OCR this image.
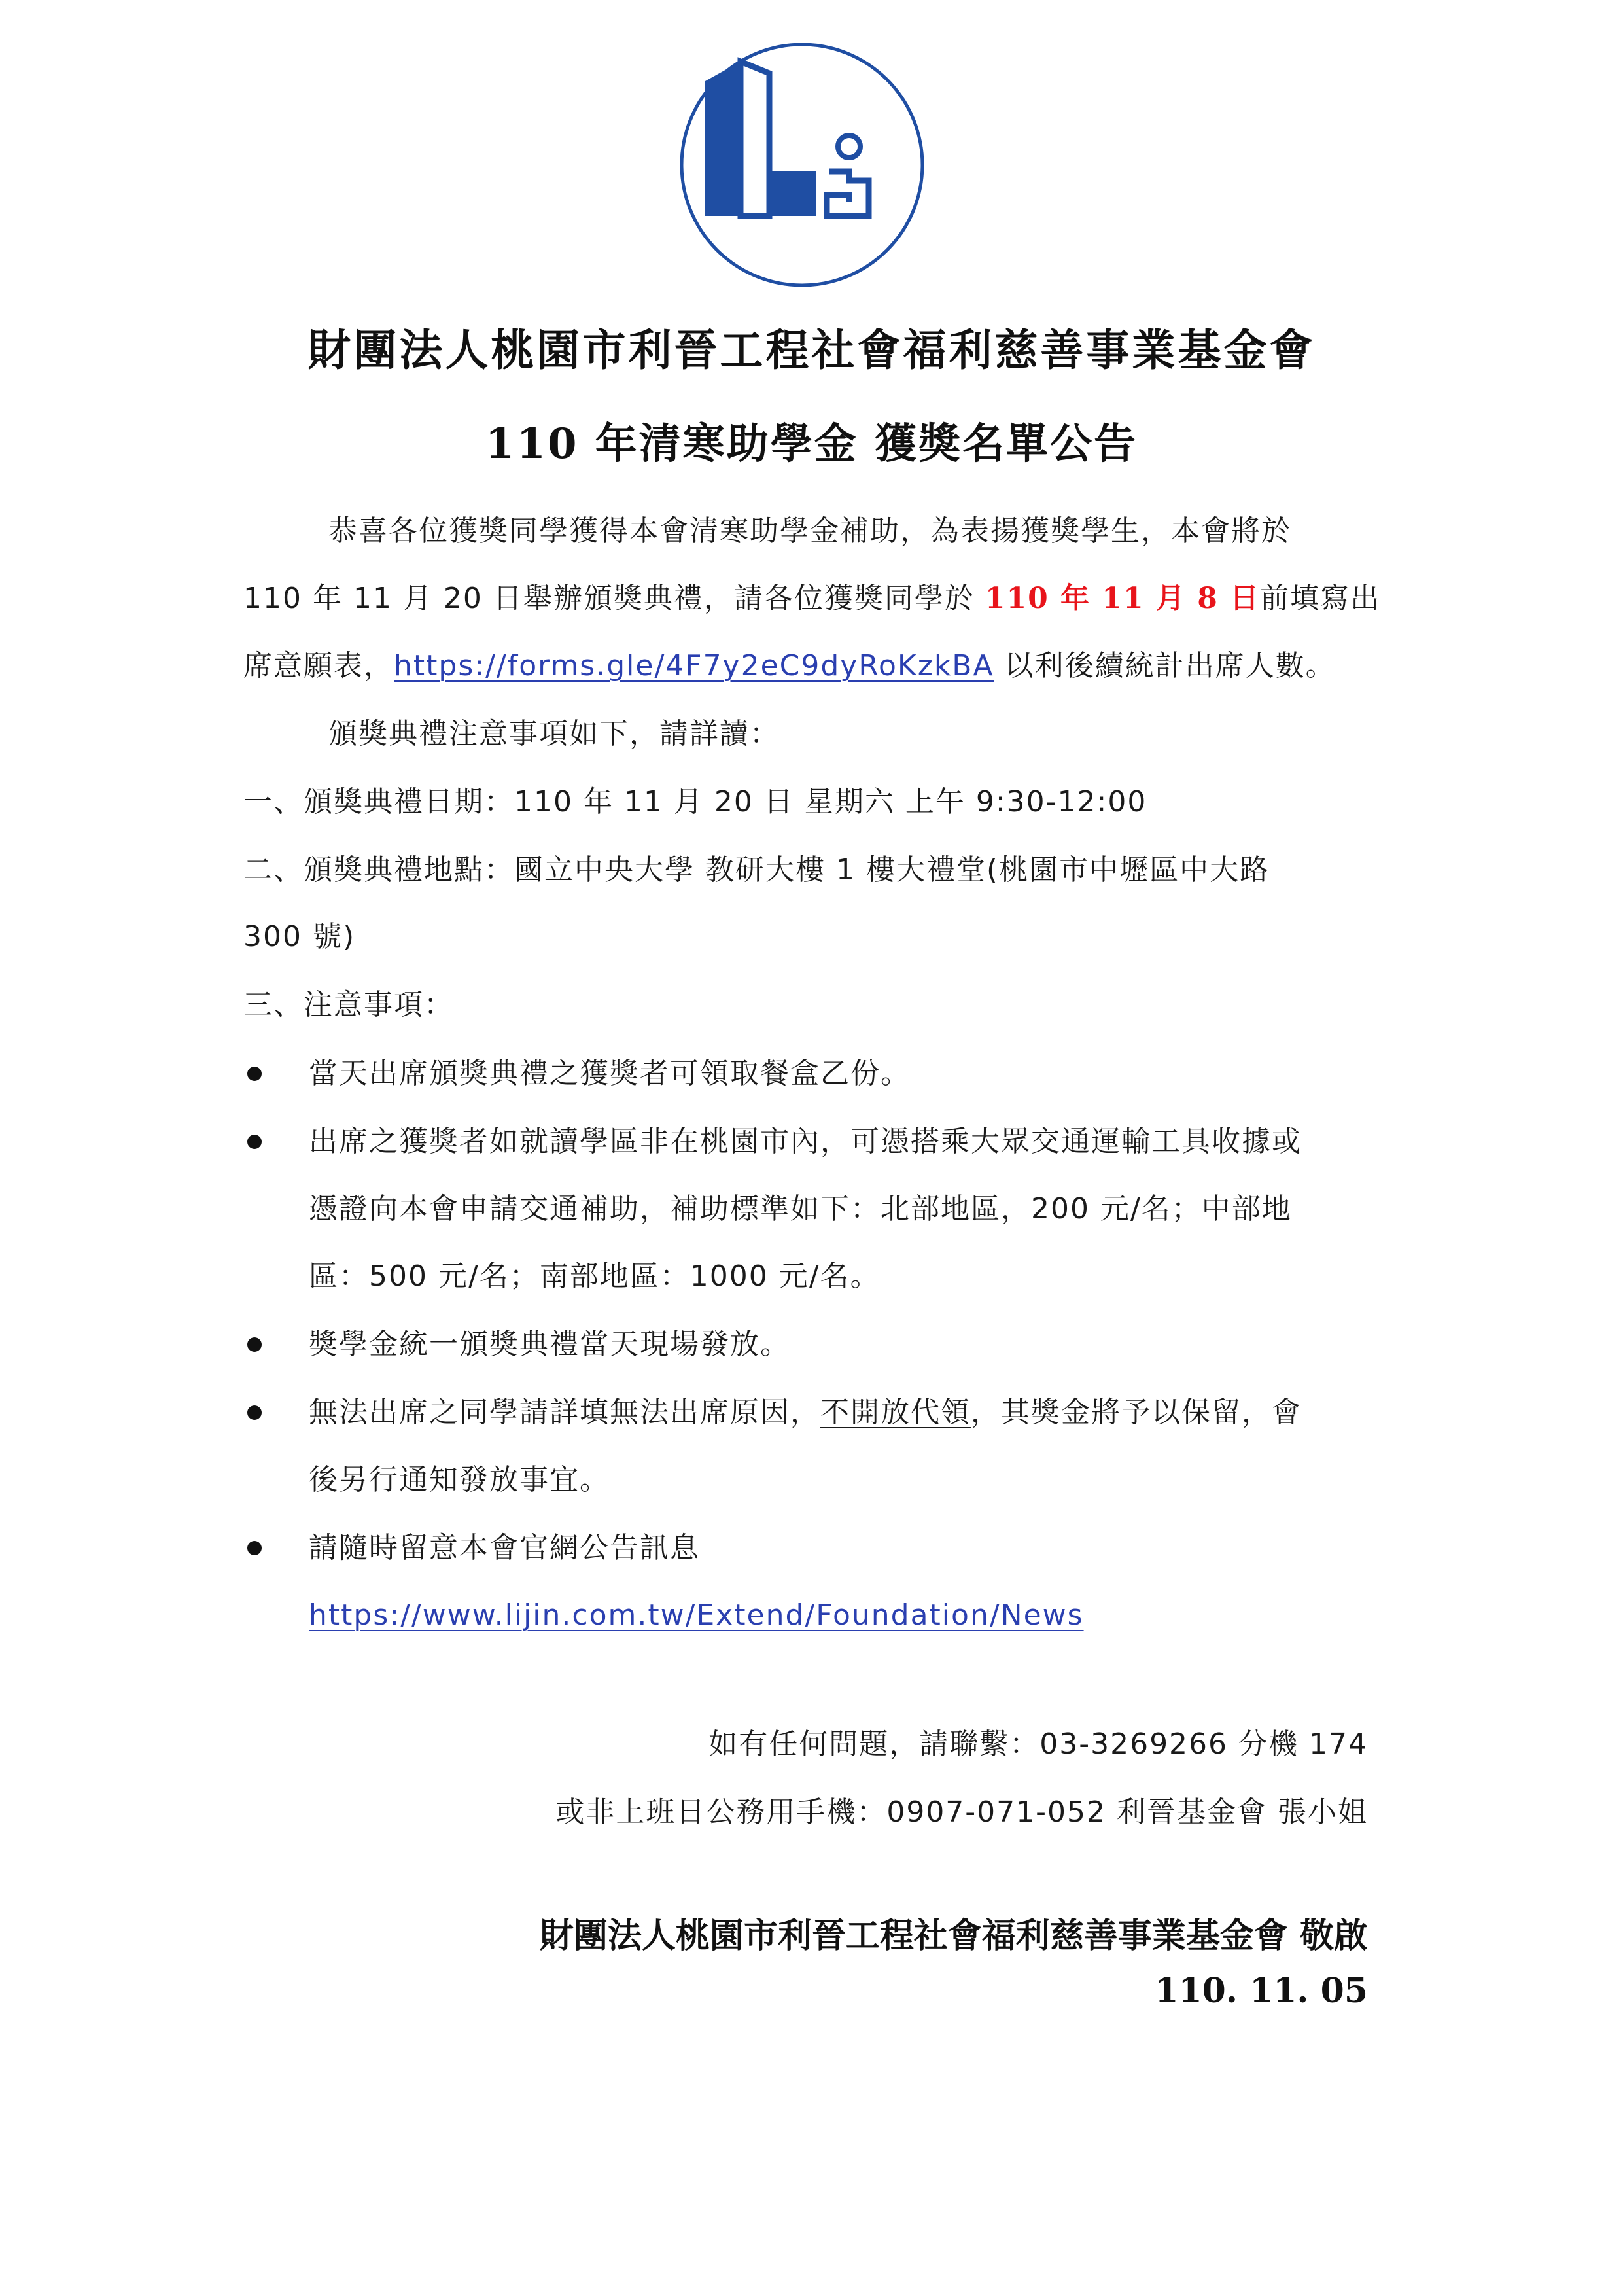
財團法人桃園市利晉工程社會福利慈善事業基金會
110 年清寒助學金 獲獎名單公告
恭喜各位獲獎同學獲得本會清寒助學金補助，為表揚獲獎學生，本會將於
110 年 11 月 20 日舉辦頒獎典禮，請各位獲獎同學於 110 年 11 月 8 日前填寫出
席意願表，https://forms.gle/4F7y2eC9dyRoKzkBA 以利後續統計出席人數。
頒獎典禮注意事項如下，請詳讀：
一、頒獎典禮日期：110 年 11 月 20 日 星期六 上午 9:30-12:00
二、頒獎典禮地點：國立中央大學 教研大樓 1 樓大禮堂(桃園市中壢區中大路
300 號)
三、注意事項：
當天出席頒獎典禮之獲獎者可領取餐盒乙份。
出席之獲獎者如就讀學區非在桃園市內，可憑搭乘大眾交通運輸工具收據或
憑證向本會申請交通補助，補助標準如下：北部地區，200 元/名；中部地
區：500 元/名；南部地區：1000 元/名。
獎學金統一頒獎典禮當天現場發放。
無法出席之同學請詳填無法出席原因，不開放代領，其獎金將予以保留，會
後另行通知發放事宜。
請隨時留意本會官網公告訊息
https://www.lijin.com.tw/Extend/Foundation/News
如有任何問題，請聯繫：03-3269266 分機 174
或非上班日公務用手機：0907-071-052 利晉基金會 張小姐
財團法人桃園市利晉工程社會福利慈善事業基金會 敬啟
110. 11. 05
